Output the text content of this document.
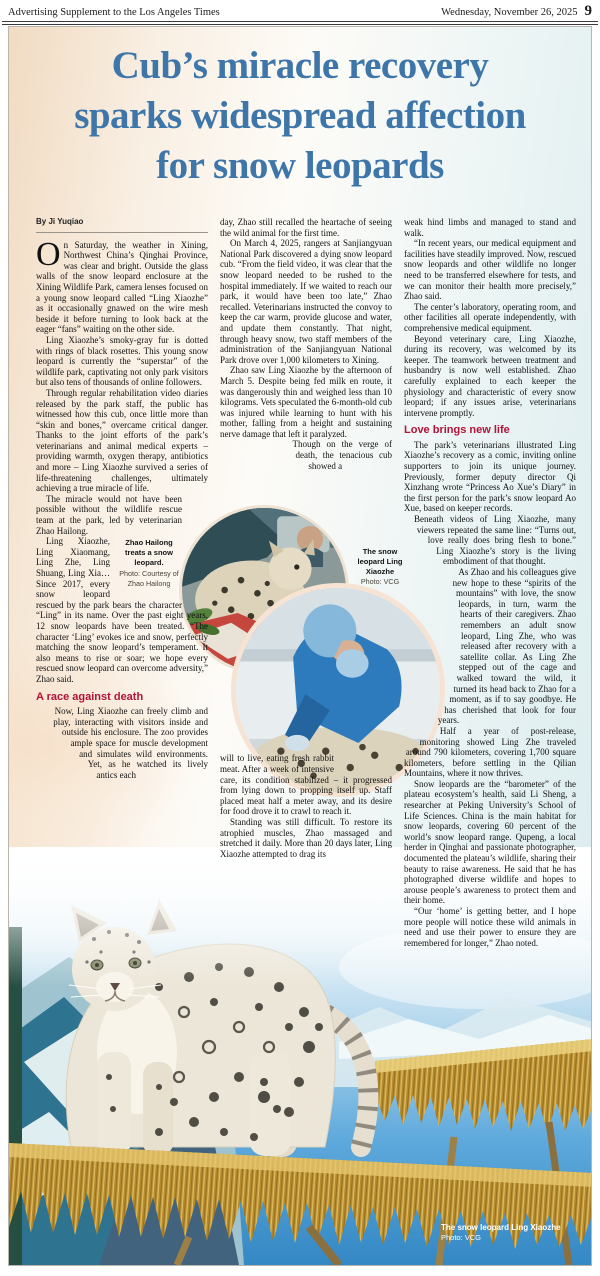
Advertising Supplement to the Los Angeles Times	Wednesday, November 26, 2025 9
Cub’s miracle recovery
sparks widespread affection
for snow leopards
The snow leopard Ling Xiaozhe
Photo: VCG
The snow leopard Ling Xiaozhe
Photo: VCG
By Ji Yuqiao

On Saturday, the weather in Xining, Northwest China’s Qinghai Province, was clear and bright. Outside the glass walls of the snow leopard enclosure at the Xining Wildlife Park, camera lenses focused on a young snow leopard called “Ling Xiaozhe” as it occasionally gnawed on the wire mesh beside it before turning to look back at the eager “fans” waiting on the other side.

Ling Xiaozhe’s smoky-gray fur is dotted with rings of black rosettes. This young snow leopard is currently the “superstar” of the wildlife park, captivating not only park visitors but also tens of thousands of online followers.

Through regular rehabilitation video diaries released by the park staff, the public has witnessed how this cub, once little more than “skin and bones,” overcame critical danger. Thanks to the joint efforts of the park’s veterinarians and animal medical experts – providing warmth, oxygen therapy, antibiotics and more – Ling Xiaozhe survived a series of life-threatening challenges, ultimately achieving a true miracle of life.

The miracle would not have been possible without the wildlife rescue team at the park, led by veterinarian Zhao Hailong.

Zhao Hailong treats a snow leopard.
Photo: Courtesy of Zhao Hailong

Ling Xiaozhe, Ling Xiaomang, Ling Zhe, Ling Shuang, Ling Xia… Since 2017, every snow leopard rescued by the park bears the character “Ling” in its name. Over the past eight years, 12 snow leopards have been treated. “The character ‘Ling’ evokes ice and snow, perfectly matching the snow leopard’s temperament. It also means to rise or soar; we hope every rescued snow leopard can overcome adversity,” Zhao said.

A race against death

Now, Ling Xiaozhe can freely climb and play, interacting with visitors inside and outside his enclosure. The zoo provides ample space for muscle development and simulates wild environments. Yet, as he watched its lively antics each

day, Zhao still recalled the heartache of seeing the wild animal for the first time.

On March 4, 2025, rangers at Sanjiangyuan National Park discovered a dying snow leopard cub. “From the field video, it was clear that the snow leopard needed to be rushed to the hospital immediately. If we waited to reach our park, it would have been too late,” Zhao recalled. Veterinarians instructed the convoy to keep the car warm, provide glucose and water, and update them constantly. That night, through heavy snow, two staff members of the administration of the Sanjiangyuan National Park drove over 1,000 kilometers to Xining.

Zhao saw Ling Xiaozhe by the afternoon of March 5. Despite being fed milk en route, it was dangerously thin and weighed less than 10 kilograms. Vets speculated the 6-month-old cub was injured while learning to hunt with his mother, falling from a height and sustaining nerve damage that left it paralyzed.

Though on the verge of death, the tenacious cub showed a

will to live, eating fresh rabbit meat. After a week of intensive care, its condition stabilized – it progressed from lying down to propping itself up. Staff placed meat half a meter away, and its desire for food drove it to crawl to reach it.

Standing was still difficult. To restore its atrophied muscles, Zhao massaged and stretched it daily. More than 20 days later, Ling Xiaozhe attempted to drag its

weak hind limbs and managed to stand and walk.

“In recent years, our medical equipment and facilities have steadily improved. Now, rescued snow leopards and other wildlife no longer need to be transferred elsewhere for tests, and we can monitor their health more precisely,” Zhao said.

The center’s laboratory, operating room, and other facilities all operate independently, with comprehensive medical equipment.

Beyond veterinary care, Ling Xiaozhe, during its recovery, was welcomed by its keeper. The teamwork between treatment and husbandry is now well established. Zhao carefully explained to each keeper the physiology and characteristic of every snow leopard; if any issues arise, veterinarians intervene promptly.

Love brings new life

The park’s veterinarians illustrated Ling Xiaozhe’s recovery as a comic, inviting online supporters to join its unique journey. Previously, former deputy director Qi Xinzhang wrote “Princess Ao Xue’s Diary” in the first person for the park’s snow leopard Ao Xue, based on keeper records.

Beneath videos of Ling Xiaozhe, many viewers repeated the same line: “Turns out, love really does bring flesh to bone.” Ling Xiaozhe’s story is the living embodiment of that thought.

As Zhao and his colleagues give new hope to these “spirits of the mountains” with love, the snow leopards, in turn, warm the hearts of their caregivers. Zhao remembers an adult snow leopard, Ling Zhe, who was released after recovery with a satellite collar. As Ling Zhe stepped out of the cage and walked toward the wild, it turned its head back to Zhao for a moment, as if to say goodbye. He has cherished that look for four years.

Half a year of post-release, monitoring showed Ling Zhe traveled around 790 kilometers, covering 1,700 square kilometers, before settling in the Qilian Mountains, where it now thrives.

Snow leopards are the “barometer” of the plateau ecosystem’s health, said Li Sheng, a researcher at Peking University’s School of Life Sciences. China is the main habitat for snow leopards, covering 60 percent of the world’s snow leopard range. Qupeng, a local herder in Qinghai and passionate photographer, documented the plateau’s wildlife, sharing their beauty to raise awareness. He said that he has photographed diverse wildlife and hopes to arouse people’s awareness to protect them and their home.

“Our ‘home’ is getting better, and I hope more people will notice these wild animals in need and use their power to ensure they are remembered for longer,” Zhao noted.
